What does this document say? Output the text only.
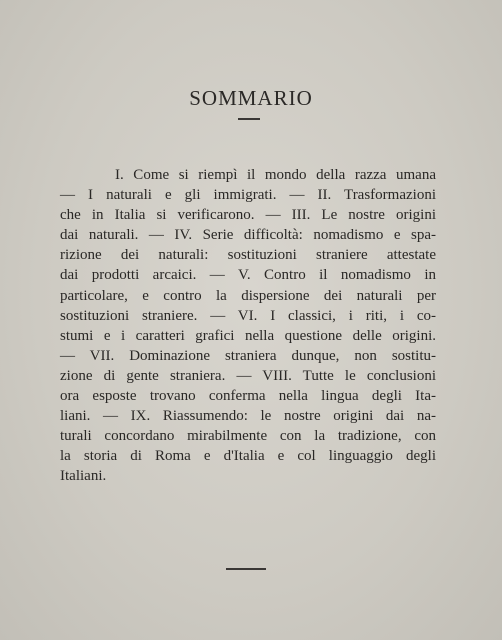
SOMMARIO
I. Come si riempì il mondo della razza umana
— I naturali e gli immigrati. — II. Trasformazioni
che in Italia si verificarono. — III. Le nostre origini
dai naturali. — IV. Serie difficoltà: nomadismo e spa-
rizione dei naturali: sostituzioni straniere attestate
dai prodotti arcaici. — V. Contro il nomadismo in
particolare, e contro la dispersione dei naturali per
sostituzioni straniere. — VI. I classici, i riti, i co-
stumi e i caratteri grafici nella questione delle origini.
— VII. Dominazione straniera dunque, non sostitu-
zione di gente straniera. — VIII. Tutte le conclusioni
ora esposte trovano conferma nella lingua degli Ita-
liani. — IX. Riassumendo: le nostre origini dai na-
turali concordano mirabilmente con la tradizione, con
la storia di Roma e d'Italia e col linguaggio degli
Italiani.
